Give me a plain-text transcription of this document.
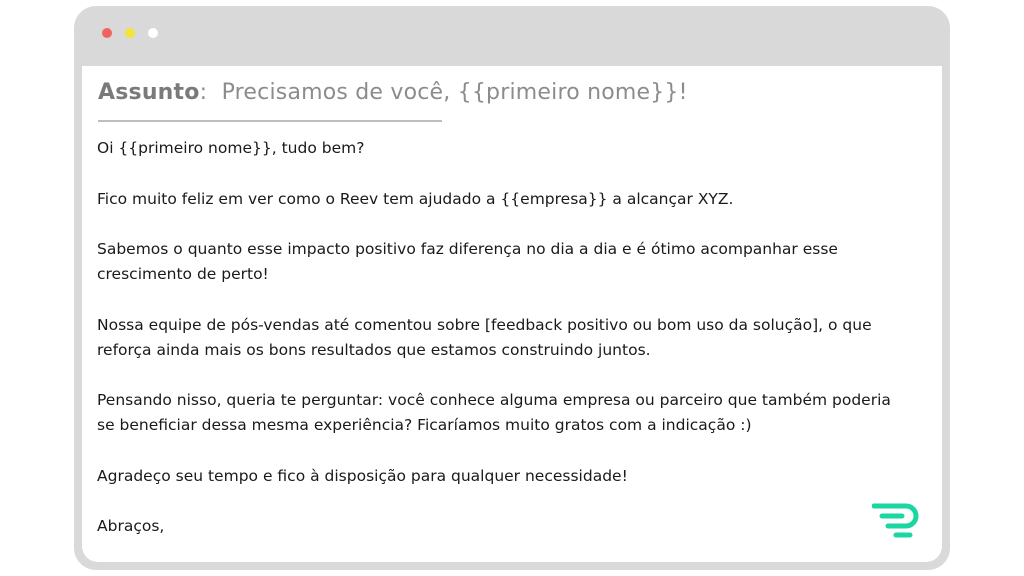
Assunto: Precisamos de você, {{primeiro nome}}!

Oi {{primeiro nome}}, tudo bem?

Fico muito feliz em ver como o Reev tem ajudado a {{empresa}} a alcançar XYZ.

Sabemos o quanto esse impacto positivo faz diferença no dia a dia e é ótimo acompanhar esse crescimento de perto!

Nossa equipe de pós-vendas até comentou sobre [feedback positivo ou bom uso da solução], o que reforça ainda mais os bons resultados que estamos construindo juntos.

Pensando nisso, queria te perguntar: você conhece alguma empresa ou parceiro que também poderia se beneficiar dessa mesma experiência? Ficaríamos muito gratos com a indicação :)

Agradeço seu tempo e fico à disposição para qualquer necessidade!

Abraços,
